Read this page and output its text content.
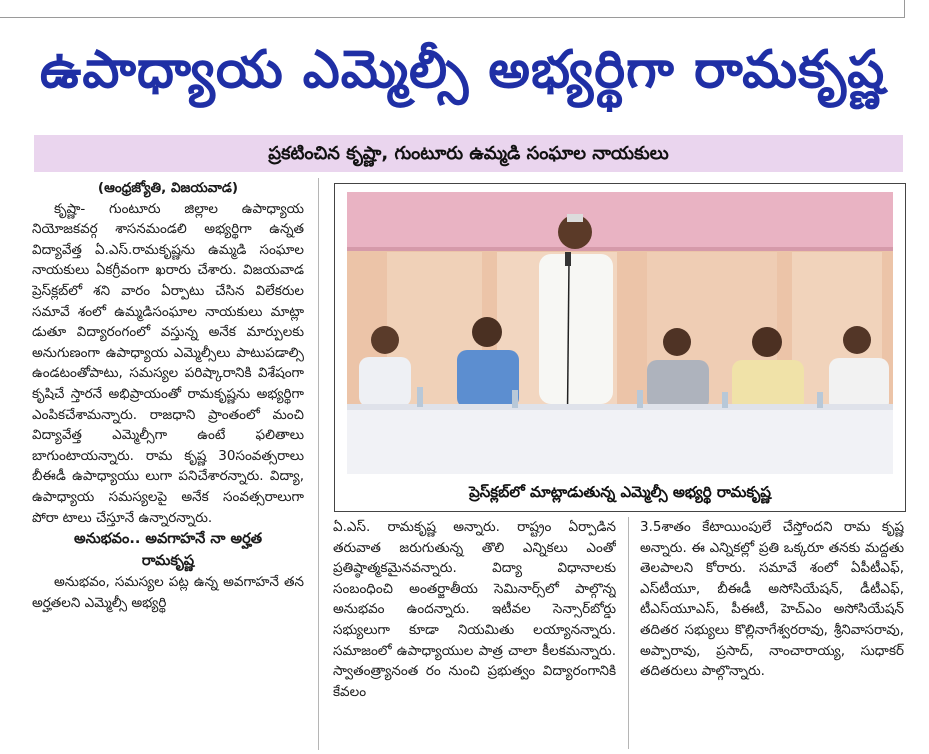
ఉపాధ్యాయ ఎమ్మెల్సీ అభ్యర్థిగా రామకృష్ణ
ప్రకటించిన కృష్ణా, గుంటూరు ఉమ్మడి సంఘాల నాయకులు

(ఆంధ్రజ్యోతి, విజయవాడ)

కృష్ణా- గుంటూరు జిల్లాల ఉపాధ్యాయ నియోజకవర్గ శాసనమండలి అభ్యర్థిగా ఉన్నత విద్యావేత్త ఏ.ఎస్.రామకృష్ణను ఉమ్మడి సంఘాల నాయకులు ఏకగ్రీవంగా ఖరారు చేశారు. విజయవాడ ప్రెస్‌క్లబ్‌లో శని వారం ఏర్పాటు చేసిన విలేకరుల సమావే శంలో ఉమ్మడిసంఘాల నాయకులు మాట్లా డుతూ విద్యారంగంలో వస్తున్న అనేక మార్పులకు అనుగుణంగా ఉపాధ్యాయ ఎమ్మెల్సీలు పాటుపడాల్సి ఉండటంతోపాటు, సమస్యల పరిష్కారానికి విశేషంగా కృషిచే స్తారనే అభిప్రాయంతో రామకృష్ణను అభ్యర్థిగా ఎంపికచేశామన్నారు. రాజధాని ప్రాంతంలో మంచి విద్యావేత్త ఎమ్మెల్సీగా ఉంటే ఫలితాలు బాగుంటాయన్నారు. రామ కృష్ణ 30సంవత్సరాలు బీఈడీ ఉపాధ్యాయు లుగా పనిచేశారన్నారు. విద్యా, ఉపాధ్యాయ సమస్యలపై అనేక సంవత్సరాలుగా పోరా టాలు చేస్తూనే ఉన్నారన్నారు.

అనుభవం.. అవగాహనే నా అర్హత

రామకృష్ణ

అనుభవం, సమస్యల పట్ల ఉన్న అవగాహనే తన అర్హతలని ఎమ్మెల్సీ అభ్యర్థి

ప్రెస్‌క్లబ్‌లో మాట్లాడుతున్న ఎమ్మెల్సీ అభ్యర్థి రామకృష్ణ

ఏ.ఎస్. రామకృష్ణ అన్నారు. రాష్ట్రం ఏర్పాడిన తరువాత జరుగుతున్న తొలి ఎన్నికలు ఎంతో ప్రతిష్ఠాత్మకమైనవన్నారు. విద్యా విధానాలకు సంబంధించి అంతర్జాతీయ సెమినార్స్‌లో పాల్గొన్న అనుభవం ఉందన్నారు. ఇటీవల సెన్సార్‌బోర్డు సభ్యులుగా కూడా నియమితు లయ్యానన్నారు. సమాజంలో ఉపాధ్యాయుల పాత్ర చాలా కీలకమన్నారు. స్వాతంత్ర్యానంత రం నుంచి ప్రభుత్వం విద్యారంగానికి కేవలం

3.5శాతం కేటాయింపులే చేస్తోందని రామ కృష్ణ అన్నారు. ఈ ఎన్నికల్లో ప్రతి ఒక్కరూ తనకు మద్దతు తెలపాలని కోరారు. సమావే శంలో ఏపీటీఎఫ్, ఎస్‌టీయూ, బీఈడీ అసోసియేషన్, డీటీఎఫ్, టీఎస్‌యూఎస్, పీఈటీ, హెచ్‌ఎం అసోసియేషన్ తదితర సభ్యులు కొల్లినాగేశ్వరరావు, శ్రీనివాసరావు, అప్పారావు, ప్రసాద్, నాంచారాయ్య, సుధాకర్ తదితరులు పాల్గొన్నారు.
